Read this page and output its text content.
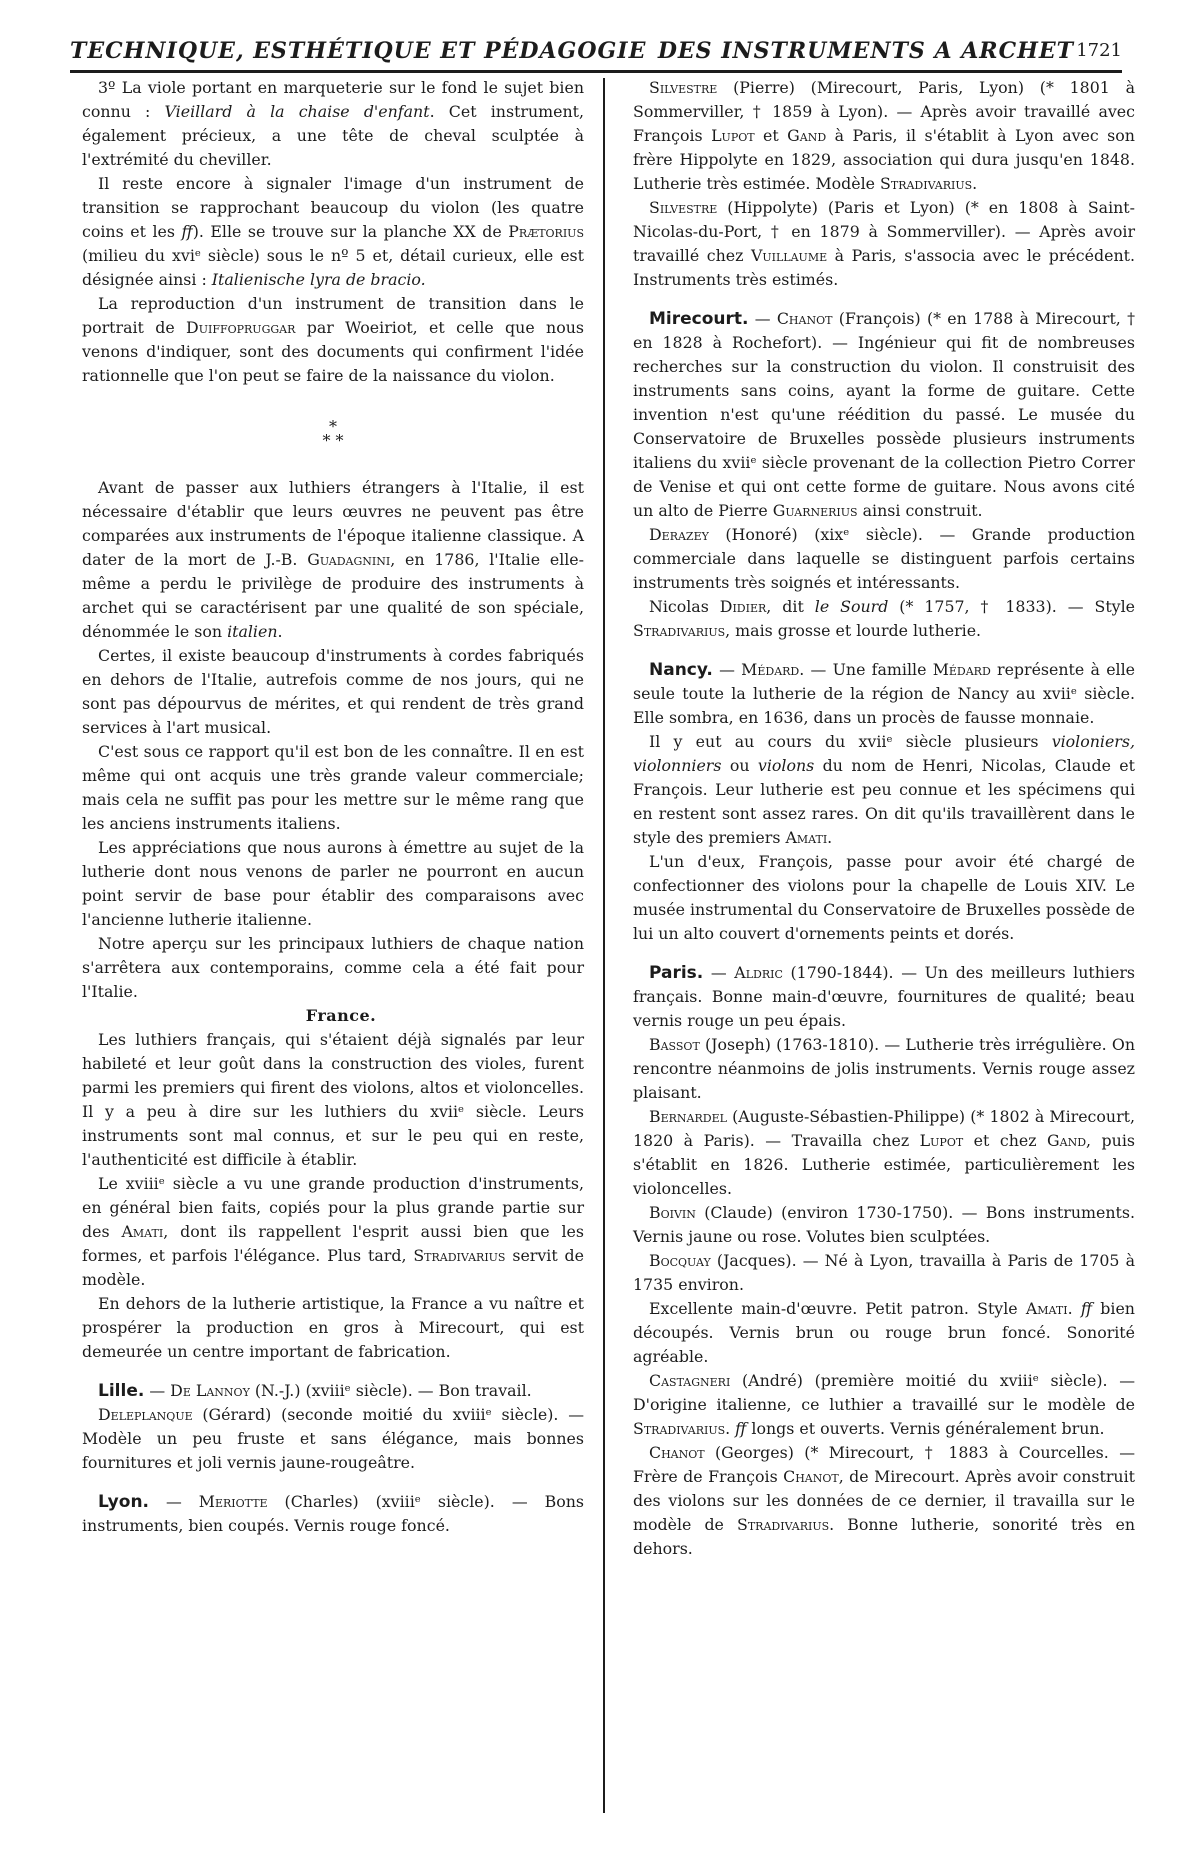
TECHNIQUE, ESTHÉTIQUE ET PÉDAGOGIE DES INSTRUMENTS A ARCHET 1721

3º La viole portant en marqueterie sur le fond le sujet bien connu : Vieillard à la chaise d'enfant. Cet instrument, également précieux, a une tête de cheval sculptée à l'extrémité du cheviller.

Il reste encore à signaler l'image d'un instrument de transition se rapprochant beaucoup du violon (les quatre coins et les ff). Elle se trouve sur la planche XX de Prætorius (milieu du xviᵉ siècle) sous le nº 5 et, détail curieux, elle est désignée ainsi : Italienische lyra de bracio.

La reproduction d'un instrument de transition dans le portrait de Duiffopruggar par Woeiriot, et celle que nous venons d'indiquer, sont des documents qui confirment l'idée rationnelle que l'on peut se faire de la naissance du violon.

*
* *

Avant de passer aux luthiers étrangers à l'Italie, il est nécessaire d'établir que leurs œuvres ne peuvent pas être comparées aux instruments de l'époque italienne classique. A dater de la mort de J.-B. Guadagnini, en 1786, l'Italie elle-même a perdu le privilège de produire des instruments à archet qui se caractérisent par une qualité de son spéciale, dénommée le son italien.

Certes, il existe beaucoup d'instruments à cordes fabriqués en dehors de l'Italie, autrefois comme de nos jours, qui ne sont pas dépourvus de mérites, et qui rendent de très grand services à l'art musical.

C'est sous ce rapport qu'il est bon de les connaître. Il en est même qui ont acquis une très grande valeur commerciale; mais cela ne suffit pas pour les mettre sur le même rang que les anciens instruments italiens.

Les appréciations que nous aurons à émettre au sujet de la lutherie dont nous venons de parler ne pourront en aucun point servir de base pour établir des comparaisons avec l'ancienne lutherie italienne.

Notre aperçu sur les principaux luthiers de chaque nation s'arrêtera aux contemporains, comme cela a été fait pour l'Italie.

France.

Les luthiers français, qui s'étaient déjà signalés par leur habileté et leur goût dans la construction des violes, furent parmi les premiers qui firent des violons, altos et violoncelles. Il y a peu à dire sur les luthiers du xviiᵉ siècle. Leurs instruments sont mal connus, et sur le peu qui en reste, l'authenticité est difficile à établir.

Le xviiiᵉ siècle a vu une grande production d'instruments, en général bien faits, copiés pour la plus grande partie sur des Amati, dont ils rappellent l'esprit aussi bien que les formes, et parfois l'élégance. Plus tard, Stradivarius servit de modèle.

En dehors de la lutherie artistique, la France a vu naître et prospérer la production en gros à Mirecourt, qui est demeurée un centre important de fabrication.

Lille. — De Lannoy (N.-J.) (xviiiᵉ siècle). — Bon travail.

Deleplanque (Gérard) (seconde moitié du xviiiᵉ siècle). — Modèle un peu fruste et sans élégance, mais bonnes fournitures et joli vernis jaune-rougeâtre.

Lyon. — Meriotte (Charles) (xviiiᵉ siècle). — Bons instruments, bien coupés. Vernis rouge foncé.

Silvestre (Pierre) (Mirecourt, Paris, Lyon) (* 1801 à Sommerviller, † 1859 à Lyon). — Après avoir travaillé avec François Lupot et Gand à Paris, il s'établit à Lyon avec son frère Hippolyte en 1829, association qui dura jusqu'en 1848. Lutherie très estimée. Modèle Stradivarius.

Silvestre (Hippolyte) (Paris et Lyon) (* en 1808 à Saint-Nicolas-du-Port, † en 1879 à Sommerviller). — Après avoir travaillé chez Vuillaume à Paris, s'associa avec le précédent. Instruments très estimés.

Mirecourt. — Chanot (François) (* en 1788 à Mirecourt, † en 1828 à Rochefort). — Ingénieur qui fit de nombreuses recherches sur la construction du violon. Il construisit des instruments sans coins, ayant la forme de guitare. Cette invention n'est qu'une réédition du passé. Le musée du Conservatoire de Bruxelles possède plusieurs instruments italiens du xviiᵉ siècle provenant de la collection Pietro Correr de Venise et qui ont cette forme de guitare. Nous avons cité un alto de Pierre Guarnerius ainsi construit.

Derazey (Honoré) (xixᵉ siècle). — Grande production commerciale dans laquelle se distinguent parfois certains instruments très soignés et intéressants.

Nicolas Didier, dit le Sourd (* 1757, † 1833). — Style Stradivarius, mais grosse et lourde lutherie.

Nancy. — Médard. — Une famille Médard représente à elle seule toute la lutherie de la région de Nancy au xviiᵉ siècle. Elle sombra, en 1636, dans un procès de fausse monnaie.

Il y eut au cours du xviiᵉ siècle plusieurs violoniers, violonniers ou violons du nom de Henri, Nicolas, Claude et François. Leur lutherie est peu connue et les spécimens qui en restent sont assez rares. On dit qu'ils travaillèrent dans le style des premiers Amati.

L'un d'eux, François, passe pour avoir été chargé de confectionner des violons pour la chapelle de Louis XIV. Le musée instrumental du Conservatoire de Bruxelles possède de lui un alto couvert d'ornements peints et dorés.

Paris. — Aldric (1790-1844). — Un des meilleurs luthiers français. Bonne main-d'œuvre, fournitures de qualité; beau vernis rouge un peu épais.

Bassot (Joseph) (1763-1810). — Lutherie très irrégulière. On rencontre néanmoins de jolis instruments. Vernis rouge assez plaisant.

Bernardel (Auguste-Sébastien-Philippe) (* 1802 à Mirecourt, 1820 à Paris). — Travailla chez Lupot et chez Gand, puis s'établit en 1826. Lutherie estimée, particulièrement les violoncelles.

Boivin (Claude) (environ 1730-1750). — Bons instruments. Vernis jaune ou rose. Volutes bien sculptées.

Bocquay (Jacques). — Né à Lyon, travailla à Paris de 1705 à 1735 environ.

Excellente main-d'œuvre. Petit patron. Style Amati. ff bien découpés. Vernis brun ou rouge brun foncé. Sonorité agréable.

Castagneri (André) (première moitié du xviiiᵉ siècle). — D'origine italienne, ce luthier a travaillé sur le modèle de Stradivarius. ff longs et ouverts. Vernis généralement brun.

Chanot (Georges) (* Mirecourt, † 1883 à Courcelles. — Frère de François Chanot, de Mirecourt. Après avoir construit des violons sur les données de ce dernier, il travailla sur le modèle de Stradivarius. Bonne lutherie, sonorité très en dehors.
